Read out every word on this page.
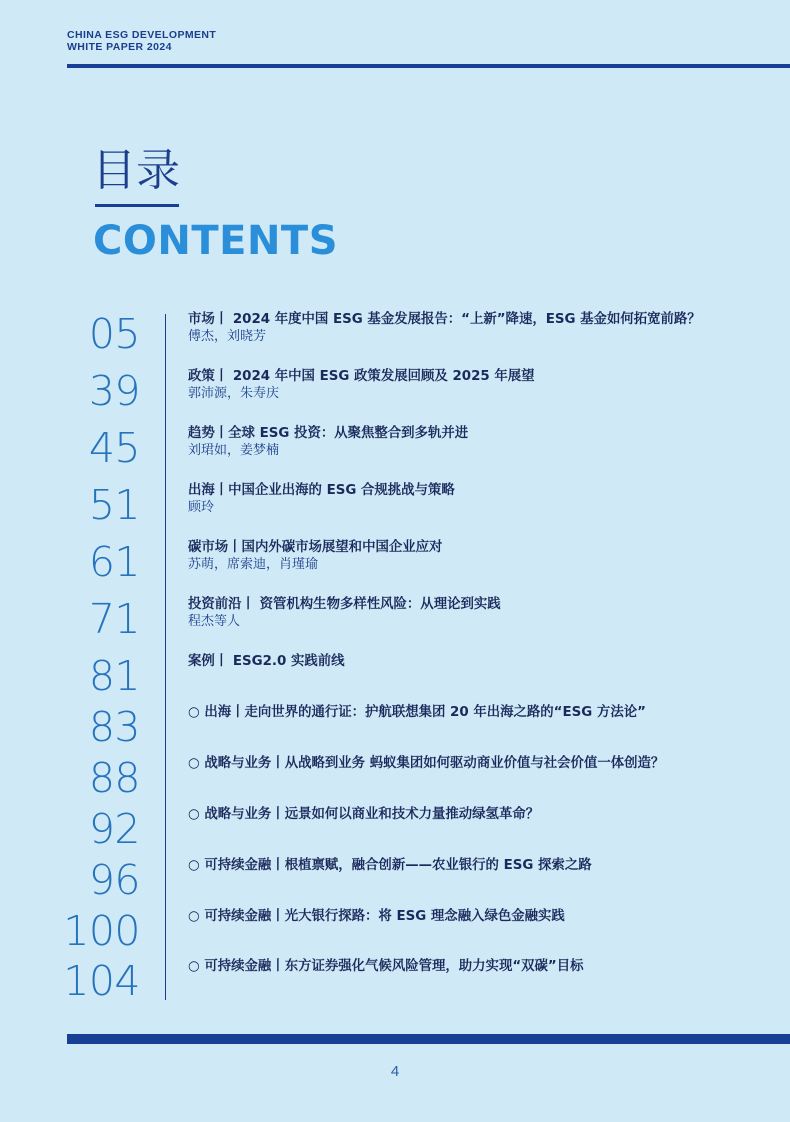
CHINA ESG DEVELOPMENT
WHITE PAPER 2024
目录
CONTENTS
05	市场丨 2024 年度中国 ESG 基金发展报告：“上新”降速，ESG 基金如何拓宽前路？
傅杰，刘晓芳
39	政策丨 2024 年中国 ESG 政策发展回顾及 2025 年展望
郭沛源，朱寿庆
45	趋势丨全球 ESG 投资：从聚焦整合到多轨并进
刘珺如，姜梦楠
51	出海丨中国企业出海的 ESG 合规挑战与策略
顾玲
61	碳市场丨国内外碳市场展望和中国企业应对
苏萌，席索迪，肖瑾瑜
71	投资前沿丨 资管机构生物多样性风险：从理论到实践
程杰等人
81	案例丨 ESG2.0 实践前线
83	○ 出海丨走向世界的通行证：护航联想集团 20 年出海之路的“ESG 方法论”
88	○ 战略与业务丨从战略到业务 蚂蚁集团如何驱动商业价值与社会价值一体创造？
92	○ 战略与业务丨远景如何以商业和技术力量推动绿氢革命？
96	○ 可持续金融丨根植禀赋，融合创新——农业银行的 ESG 探索之路
100	○ 可持续金融丨光大银行探路：将 ESG 理念融入绿色金融实践
104	○ 可持续金融丨东方证券强化气候风险管理，助力实现“双碳”目标
4
